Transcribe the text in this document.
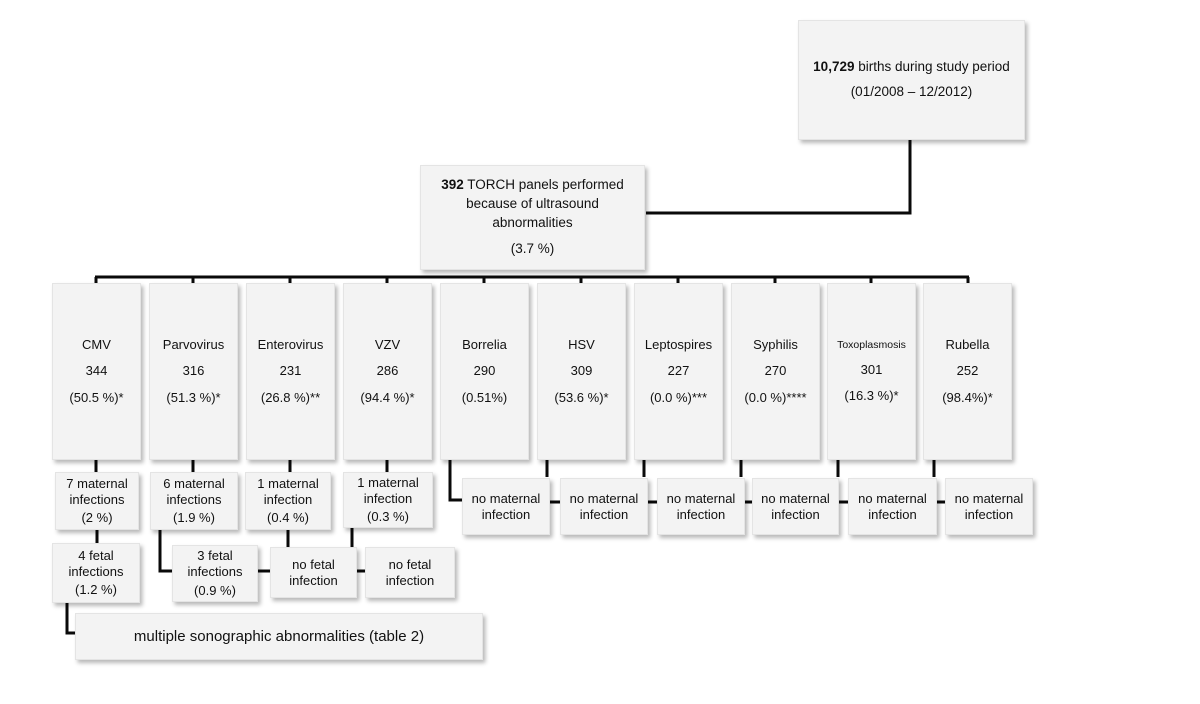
10,729 births during study period
(01/2008 – 12/2012)
392 TORCH panels performed because of ultrasound abnormalities
(3.7 %)
CMV
344
(50.5 %)*
Parvovirus
316
(51.3 %)*
Enterovirus
231
(26.8 %)**
VZV
286
(94.4 %)*
Borrelia
290
(0.51%)
HSV
309
(53.6 %)*
Leptospires
227
(0.0 %)***
Syphilis
270
(0.0 %)****
Toxoplasmosis
301
(16.3 %)*
Rubella
252
(98.4%)*
7 maternal infections
(2 %)
6 maternal infections
(1.9 %)
1 maternal infection
(0.4 %)
1 maternal infection
(0.3 %)
no maternal infection
no maternal infection
no maternal infection
no maternal infection
no maternal infection
no maternal infection
4 fetal infections
(1.2 %)
3 fetal infections
(0.9 %)
no fetal infection
no fetal infection
multiple sonographic abnormalities (table 2)
